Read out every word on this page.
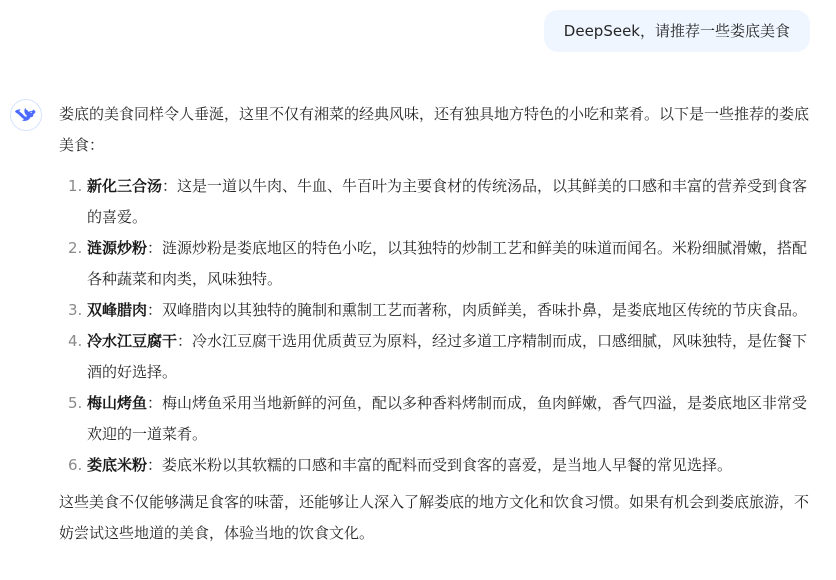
DeepSeek，请推荐一些娄底美食

娄底的美食同样令人垂涎，这里不仅有湘菜的经典风味，还有独具地方特色的小吃和菜肴。以下是一些推荐的娄底美食：

1. 新化三合汤：这是一道以牛肉、牛血、牛百叶为主要食材的传统汤品，以其鲜美的口感和丰富的营养受到食客的喜爱。
2. 涟源炒粉：涟源炒粉是娄底地区的特色小吃，以其独特的炒制工艺和鲜美的味道而闻名。米粉细腻滑嫩，搭配各种蔬菜和肉类，风味独特。
3. 双峰腊肉：双峰腊肉以其独特的腌制和熏制工艺而著称，肉质鲜美，香味扑鼻，是娄底地区传统的节庆食品。
4. 冷水江豆腐干：冷水江豆腐干选用优质黄豆为原料，经过多道工序精制而成，口感细腻，风味独特，是佐餐下酒的好选择。
5. 梅山烤鱼：梅山烤鱼采用当地新鲜的河鱼，配以多种香料烤制而成，鱼肉鲜嫩，香气四溢，是娄底地区非常受欢迎的一道菜肴。
6. 娄底米粉：娄底米粉以其软糯的口感和丰富的配料而受到食客的喜爱，是当地人早餐的常见选择。

这些美食不仅能够满足食客的味蕾，还能够让人深入了解娄底的地方文化和饮食习惯。如果有机会到娄底旅游，不妨尝试这些地道的美食，体验当地的饮食文化。
